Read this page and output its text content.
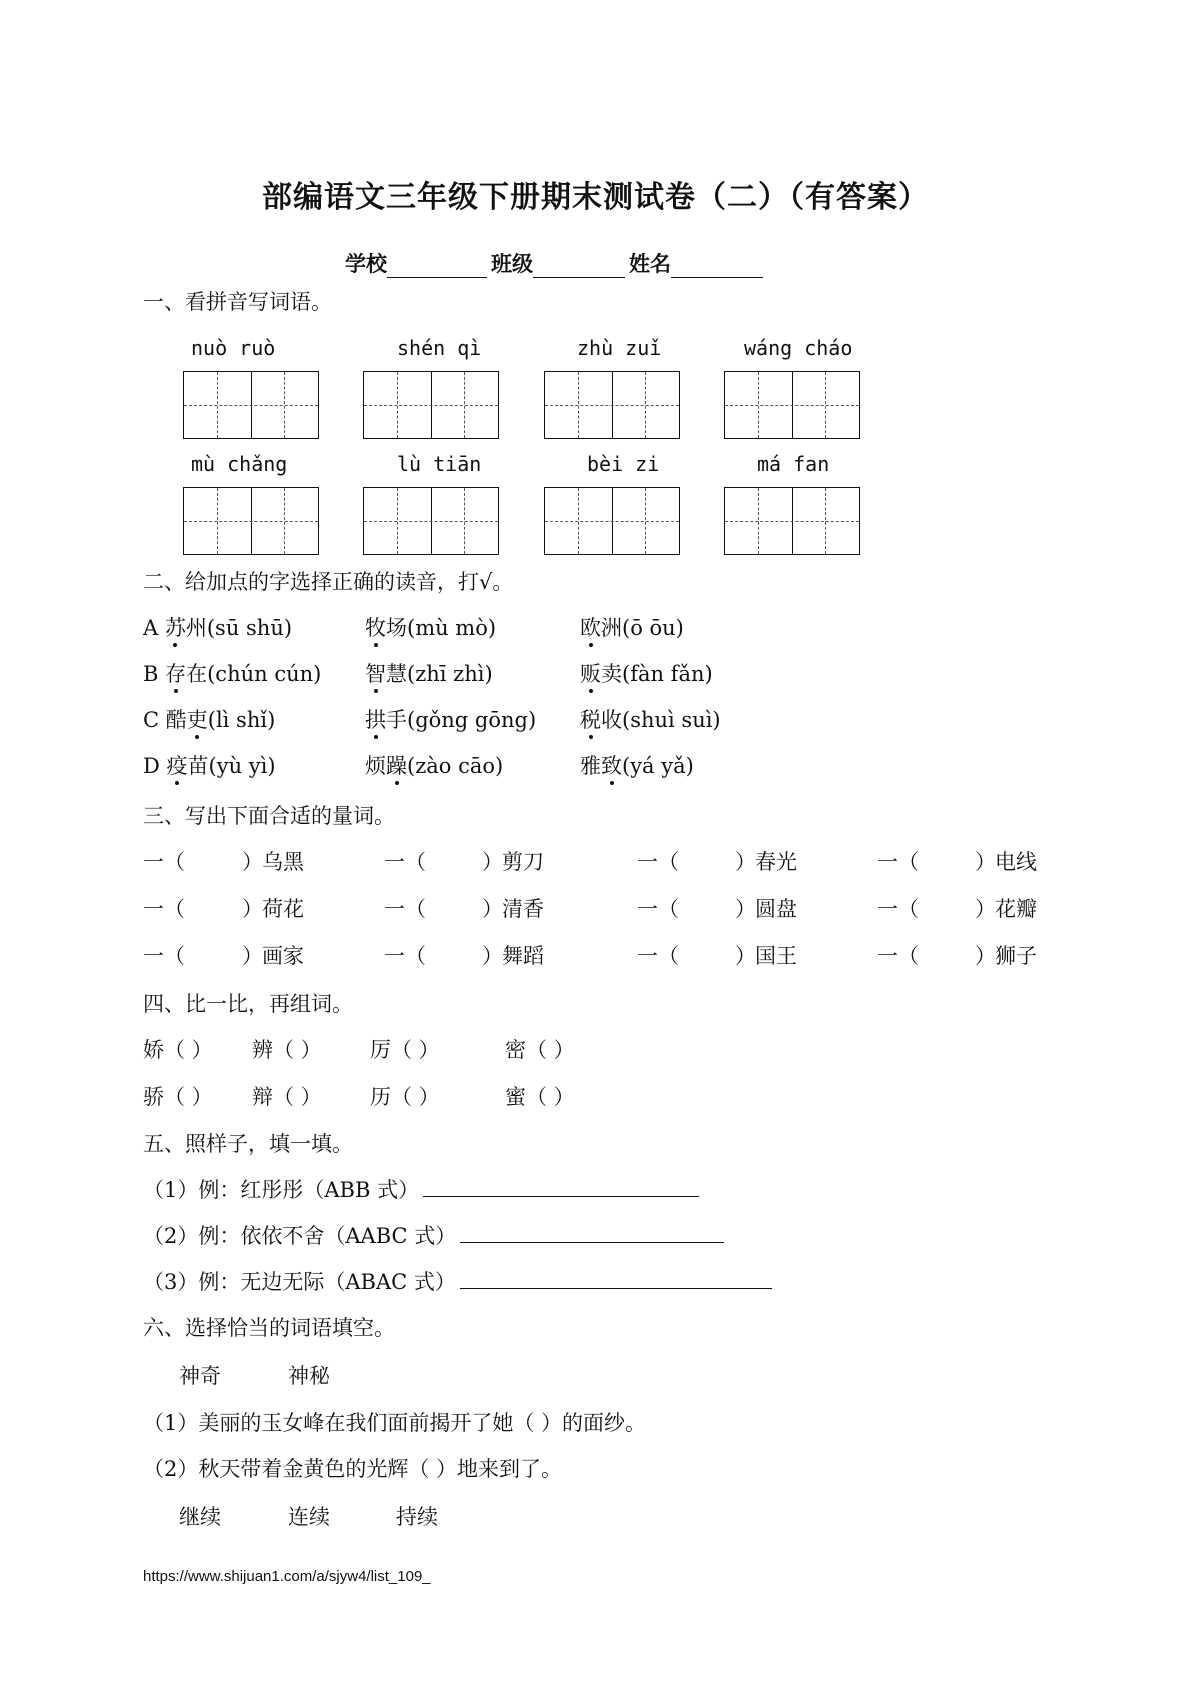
部编语文三年级下册期末测试卷（二）（有答案）
学校	班级	姓名
一、看拼音写词语。
nuò ruò	shén qì	zhù zuǐ	wáng cháo
mù chǎng	lù tiān	bèi zi	má fan
二、给加点的字选择正确的读音，打√。
A 苏州(sū shū)	牧场(mù mò)	欧洲(ō ōu)
B 存在(chún cún) 智慧(zhī zhì)	贩卖(fàn fǎn)
C 酷吏(lì shǐ)	拱手(gǒng gōng) 税收(shuì suì)
D 疫苗(yù yì)	烦躁(zào cāo)	雅致(yá yǎ)
三、写出下面合适的量词。
一（	） 乌黑	一（	） 剪刀	一（	） 春光	一（	） 电线
一（	） 荷花	一（	） 清香	一（	） 圆盘	一（	） 花瓣
一（	） 画家	一（	） 舞蹈	一（	） 国王	一（	） 狮子
四、比一比，再组词。
娇（ ） 辨（ ） 厉（ ）	密（ ）
骄（ ） 辩（ ） 历（ ）	蜜（ ）
五、照样子，填一填。
（1）例：红彤彤（ABB 式）
（2）例：依依不舍（AABC 式）
（3）例：无边无际（ABAC 式）
六、选择恰当的词语填空。
神奇	神秘
（1）美丽的玉女峰在我们面前揭开了她（ ）的面纱。
（2）秋天带着金黄色的光辉（ ）地来到了。
继续	连续	持续
https://www.shijuan1.com/a/sjyw4/list_109_
